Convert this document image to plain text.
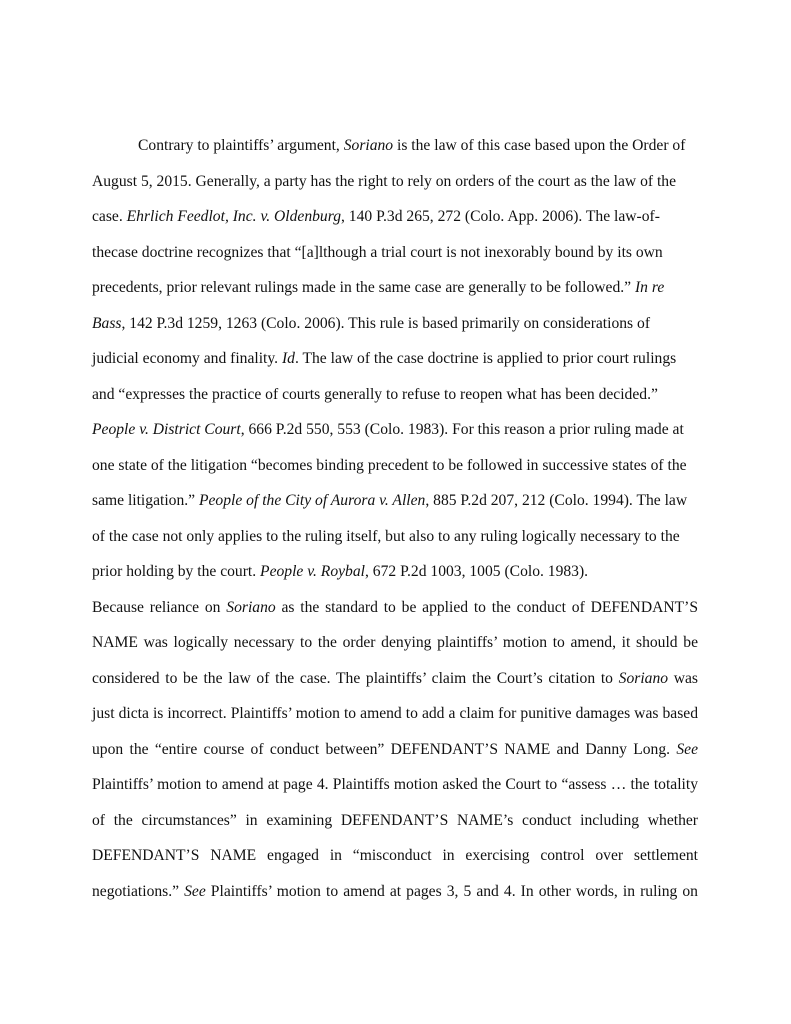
Contrary to plaintiffs’ argument, Soriano is the law of this case based upon the Order of
August 5, 2015. Generally, a party has the right to rely on orders of the court as the law of the
case. Ehrlich Feedlot, Inc. v. Oldenburg, 140 P.3d 265, 272 (Colo. App. 2006). The law-of-
thecase doctrine recognizes that “[a]lthough a trial court is not inexorably bound by its own
precedents, prior relevant rulings made in the same case are generally to be followed.” In re
Bass, 142 P.3d 1259, 1263 (Colo. 2006). This rule is based primarily on considerations of
judicial economy and finality. Id. The law of the case doctrine is applied to prior court rulings
and “expresses the practice of courts generally to refuse to reopen what has been decided.”
People v. District Court, 666 P.2d 550, 553 (Colo. 1983). For this reason a prior ruling made at
one state of the litigation “becomes binding precedent to be followed in successive states of the
same litigation.” People of the City of Aurora v. Allen, 885 P.2d 207, 212 (Colo. 1994). The law
of the case not only applies to the ruling itself, but also to any ruling logically necessary to the
prior holding by the court. People v. Roybal, 672 P.2d 1003, 1005 (Colo. 1983).
Because reliance on Soriano as the standard to be applied to the conduct of DEFENDANT’S
NAME was logically necessary to the order denying plaintiffs’ motion to amend, it should be
considered to be the law of the case. The plaintiffs’ claim the Court’s citation to Soriano was
just dicta is incorrect. Plaintiffs’ motion to amend to add a claim for punitive damages was based
upon the “entire course of conduct between” DEFENDANT’S NAME and Danny Long. See
Plaintiffs’ motion to amend at page 4. Plaintiffs motion asked the Court to “assess … the totality
of the circumstances” in examining DEFENDANT’S NAME’s conduct including whether
DEFENDANT’S NAME engaged in “misconduct in exercising control over settlement
negotiations.” See Plaintiffs’ motion to amend at pages 3, 5 and 4. In other words, in ruling on
